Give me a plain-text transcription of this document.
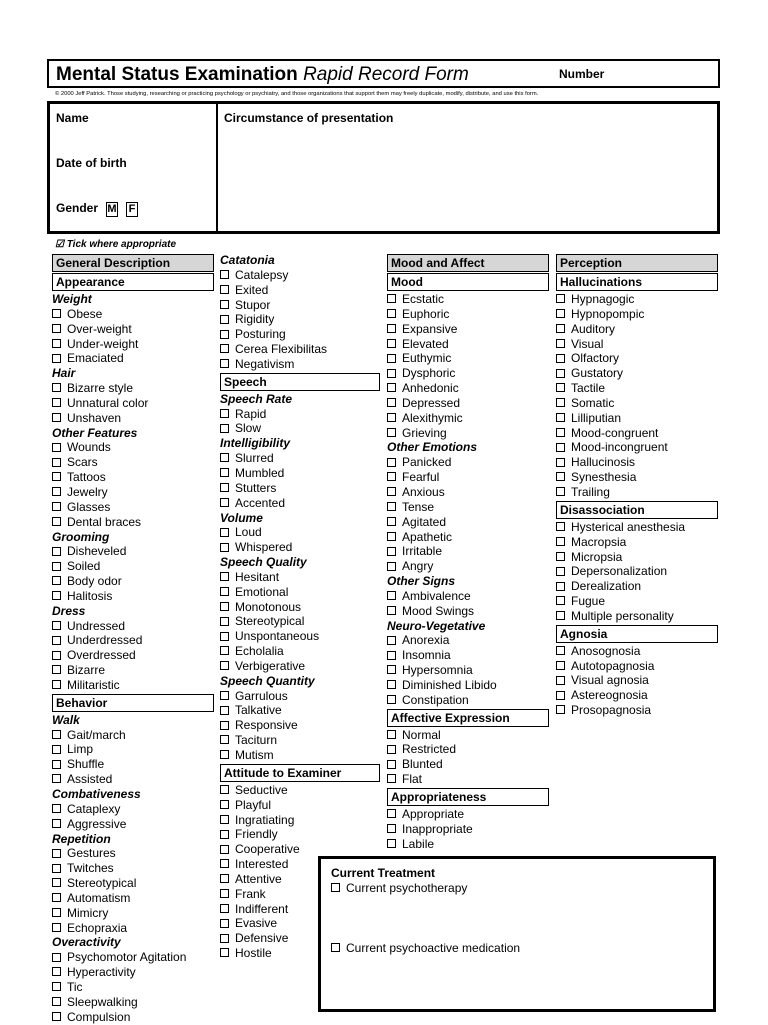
Mental Status Examination Rapid Record Form	Number
© 2000 Jeff Patrick. Those studying, researching or practicing psychology or psychiatry, and those organizations that support them may freely duplicate, modify, distribute, and use this form.
Name
Date of birth
Gender M F
Circumstance of presentation
☑ Tick where appropriate
General Description
Appearance
Weight
Obese
Over-weight
Under-weight
Emaciated
Hair
Bizarre style
Unnatural color
Unshaven
Other Features
Wounds
Scars
Tattoos
Jewelry
Glasses
Dental braces
Grooming
Disheveled
Soiled
Body odor
Halitosis
Dress
Undressed
Underdressed
Overdressed
Bizarre
Militaristic
Behavior
Walk
Gait/march
Limp
Shuffle
Assisted
Combativeness
Cataplexy
Aggressive
Repetition
Gestures
Twitches
Stereotypical
Automatism
Mimicry
Echopraxia
Overactivity
Psychomotor Agitation
Hyperactivity
Tic
Sleepwalking
Compulsion
Catatonia
Catalepsy
Exited
Stupor
Rigidity
Posturing
Cerea Flexibilitas
Negativism
Speech
Speech Rate
Rapid
Slow
Intelligibility
Slurred
Mumbled
Stutters
Accented
Volume
Loud
Whispered
Speech Quality
Hesitant
Emotional
Monotonous
Stereotypical
Unspontaneous
Echolalia
Verbigerative
Speech Quantity
Garrulous
Talkative
Responsive
Taciturn
Mutism
Attitude to Examiner
Seductive
Playful
Ingratiating
Friendly
Cooperative
Interested
Attentive
Frank
Indifferent
Evasive
Defensive
Hostile
Mood and Affect
Mood
Ecstatic
Euphoric
Expansive
Elevated
Euthymic
Dysphoric
Anhedonic
Depressed
Alexithymic
Grieving
Other Emotions
Panicked
Fearful
Anxious
Tense
Agitated
Apathetic
Irritable
Angry
Other Signs
Ambivalence
Mood Swings
Neuro-Vegetative
Anorexia
Insomnia
Hypersomnia
Diminished Libido
Constipation
Affective Expression
Normal
Restricted
Blunted
Flat
Appropriateness
Appropriate
Inappropriate
Labile
Perception
Hallucinations
Hypnagogic
Hypnopompic
Auditory
Visual
Olfactory
Gustatory
Tactile
Somatic
Lilliputian
Mood-congruent
Mood-incongruent
Hallucinosis
Synesthesia
Trailing
Disassociation
Hysterical anesthesia
Macropsia
Micropsia
Depersonalization
Derealization
Fugue
Multiple personality
Agnosia
Anosognosia
Autotopagnosia
Visual agnosia
Astereognosia
Prosopagnosia
Current Treatment
Current psychotherapy
Current psychoactive medication
